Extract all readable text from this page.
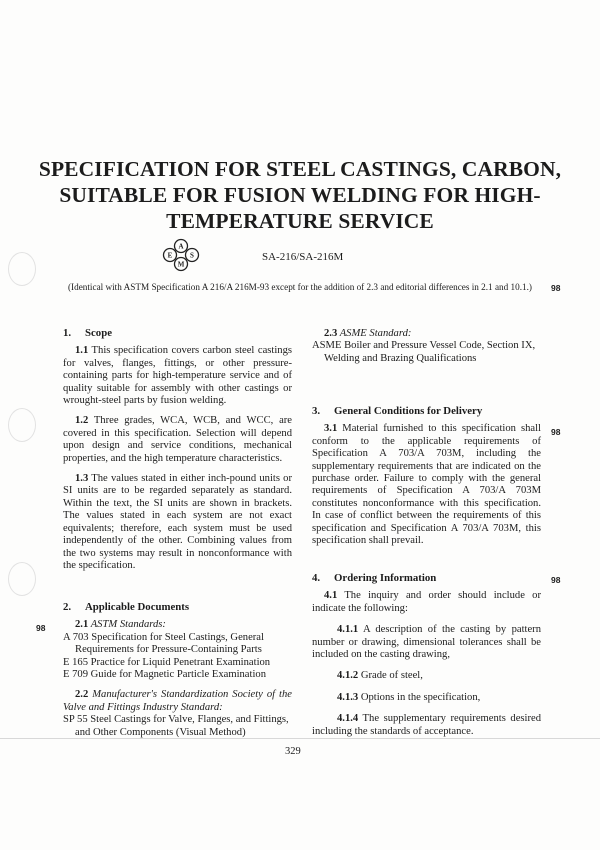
SPECIFICATION FOR STEEL CASTINGS, CARBON,
SUITABLE FOR FUSION WELDING FOR HIGH-
TEMPERATURE SERVICE
A
E	S
M
SA-216/SA-216M
(Identical with ASTM Specification A 216/A 216M-93 except for the addition of 2.3 and editorial differences in 2.1 and 10.1.) 98

1. Scope

1.1 This specification covers carbon steel castings for valves, flanges, fittings, or other pressure-containing parts for high-temperature service and of quality suitable for assembly with other castings or wrought-steel parts by fusion welding.

1.2 Three grades, WCA, WCB, and WCC, are covered in this specification. Selection will depend upon design and service conditions, mechanical properties, and the high temperature characteristics.

1.3 The values stated in either inch-pound units or SI units are to be regarded separately as standard. Within the text, the SI units are shown in brackets. The values stated in each system are not exact equivalents; therefore, each system must be used independently of the other. Combining values from the two systems may result in nonconformance with the specification.

2. Applicable Documents

2.1 ASTM Standards:

A 703 Specification for Steel Castings, General Requirements for Pressure-Containing Parts

E 165 Practice for Liquid Penetrant Examination

E 709 Guide for Magnetic Particle Examination

2.2 Manufacturer's Standardization Society of the Valve and Fittings Industry Standard:

SP 55 Steel Castings for Valve, Flanges, and Fittings, and Other Components (Visual Method)

98

2.3 ASME Standard:

ASME Boiler and Pressure Vessel Code, Section IX, Welding and Brazing Qualifications

3. General Conditions for Delivery

3.1 Material furnished to this specification shall conform to the applicable requirements of Specification A 703/A 703M, including the supplementary requirements that are indicated on the purchase order. Failure to comply with the general requirements of Specification A 703/A 703M constitutes nonconformance with this specification. In case of conflict between the requirements of this specification and Specification A 703/A 703M, this specification shall prevail.

98

4. Ordering Information

4.1 The inquiry and order should include or indicate the following:

4.1.1 A description of the casting by pattern number or drawing, dimensional tolerances shall be included on the casting drawing,

4.1.2 Grade of steel,

4.1.3 Options in the specification,

4.1.4 The supplementary requirements desired including the standards of acceptance.

98
329
